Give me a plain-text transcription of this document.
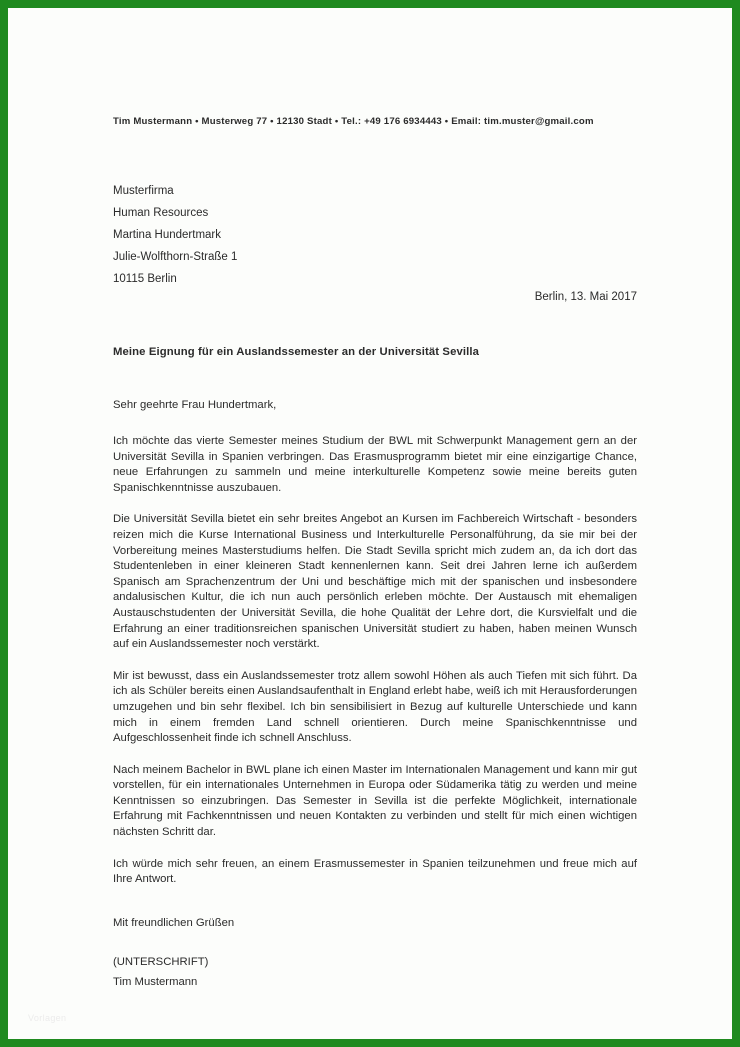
Tim Mustermann • Musterweg 77 • 12130 Stadt • Tel.: +49 176 6934443 • Email: tim.muster@gmail.com
Musterfirma
Human Resources
Martina Hundertmark
Julie-Wolfthorn-Straße 1
10115 Berlin
Berlin, 13. Mai 2017
Meine Eignung für ein Auslandssemester an der Universität Sevilla
Sehr geehrte Frau Hundertmark,

Ich möchte das vierte Semester meines Studium der BWL mit Schwerpunkt Management gern an der Universität Sevilla in Spanien verbringen. Das Erasmusprogramm bietet mir eine einzigartige Chance, neue Erfahrungen zu sammeln und meine interkulturelle Kompetenz sowie meine bereits guten Spanischkenntnisse auszubauen.

Die Universität Sevilla bietet ein sehr breites Angebot an Kursen im Fachbereich Wirtschaft - besonders reizen mich die Kurse International Business und Interkulturelle Personalführung, da sie mir bei der Vorbereitung meines Masterstudiums helfen. Die Stadt Sevilla spricht mich zudem an, da ich dort das Studentenleben in einer kleineren Stadt kennenlernen kann. Seit drei Jahren lerne ich außerdem Spanisch am Sprachenzentrum der Uni und beschäftige mich mit der spanischen und insbesondere andalusischen Kultur, die ich nun auch persönlich erleben möchte. Der Austausch mit ehemaligen Austauschstudenten der Universität Sevilla, die hohe Qualität der Lehre dort, die Kursvielfalt und die Erfahrung an einer traditionsreichen spanischen Universität studiert zu haben, haben meinen Wunsch auf ein Auslandssemester noch verstärkt.

Mir ist bewusst, dass ein Auslandssemester trotz allem sowohl Höhen als auch Tiefen mit sich führt. Da ich als Schüler bereits einen Auslandsaufenthalt in England erlebt habe, weiß ich mit Herausforderungen umzugehen und bin sehr flexibel. Ich bin sensibilisiert in Bezug auf kulturelle Unterschiede und kann mich in einem fremden Land schnell orientieren. Durch meine Spanischkenntnisse und Aufgeschlossenheit finde ich schnell Anschluss.

Nach meinem Bachelor in BWL plane ich einen Master im Internationalen Management und kann mir gut vorstellen, für ein internationales Unternehmen in Europa oder Südamerika tätig zu werden und meine Kenntnissen so einzubringen. Das Semester in Sevilla ist die perfekte Möglichkeit, internationale Erfahrung mit Fachkenntnissen und neuen Kontakten zu verbinden und stellt für mich einen wichtigen nächsten Schritt dar.

Ich würde mich sehr freuen, an einem Erasmussemester in Spanien teilzunehmen und freue mich auf Ihre Antwort.

Mit freundlichen Grüßen
(UNTERSCHRIFT)
Tim Mustermann
Vorlagen
